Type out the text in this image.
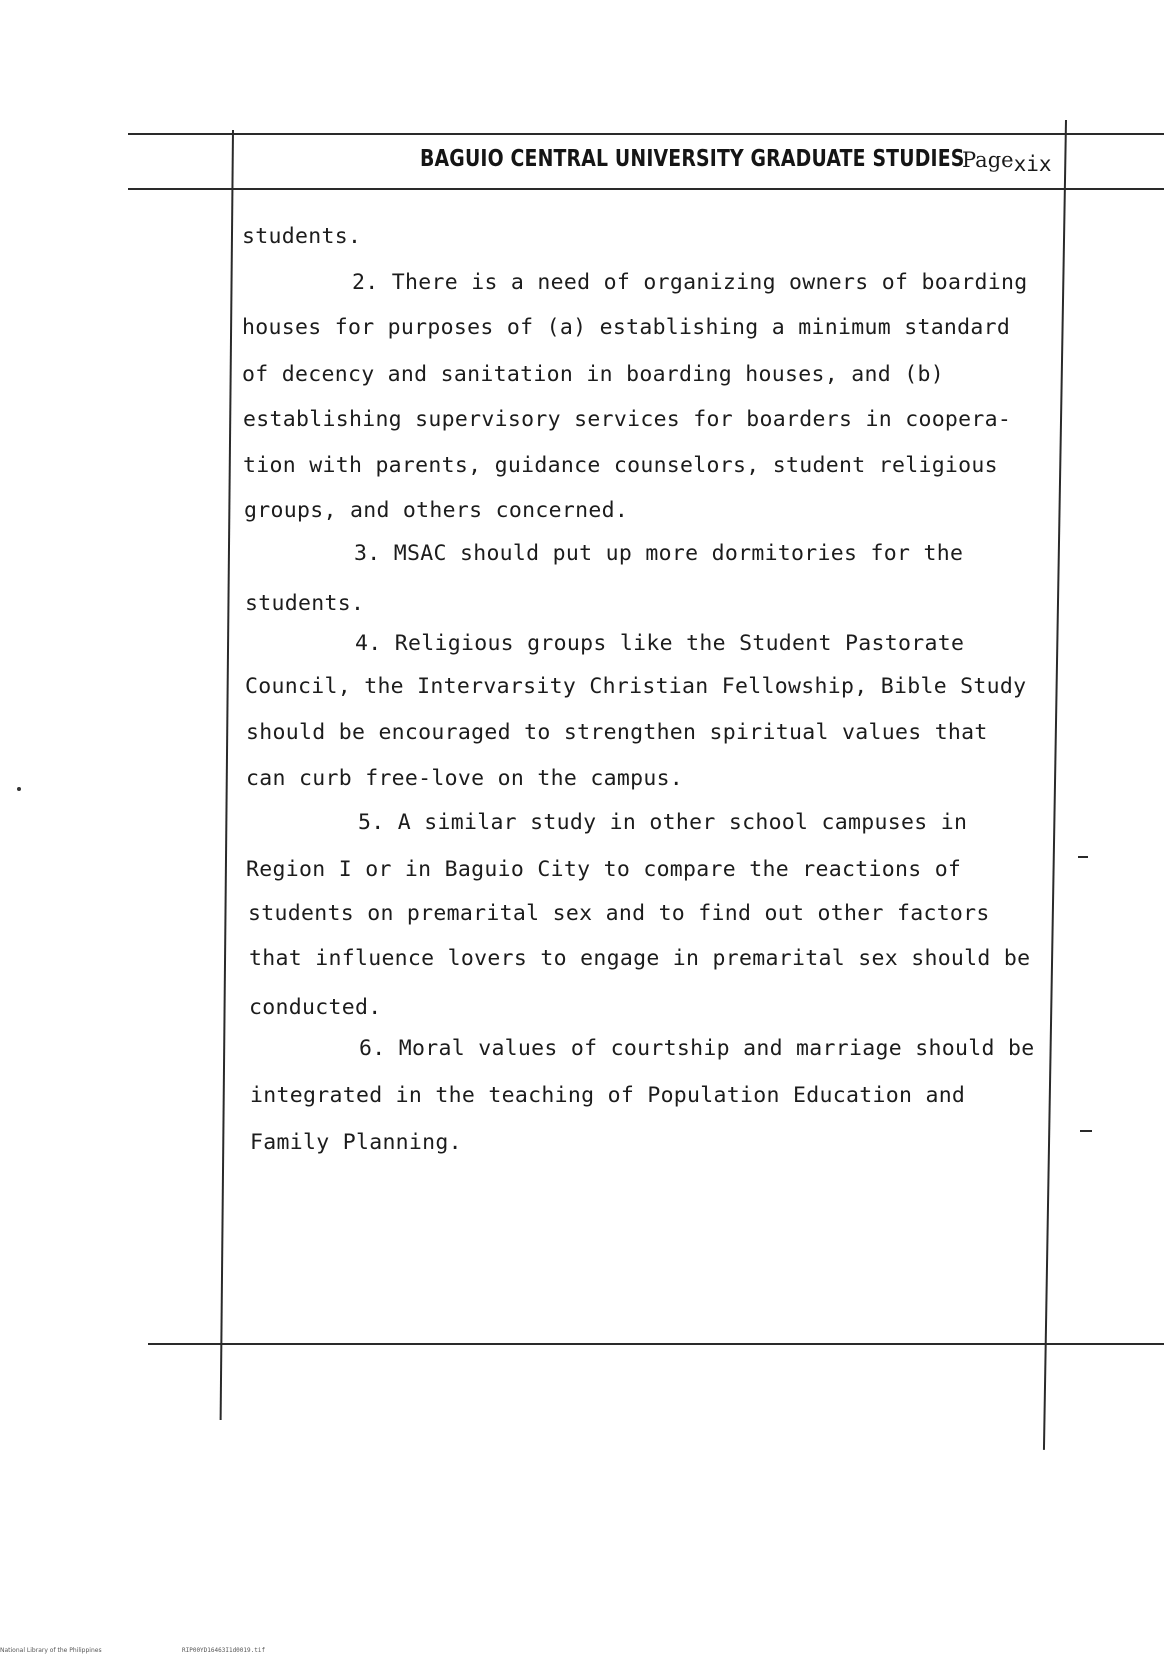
BAGUIO CENTRAL UNIVERSITY GRADUATE STUDIES
Pagexix
students.
2. There is a need of organizing owners of boarding
houses for purposes of (a) establishing a minimum standard
of decency and sanitation in boarding houses, and (b)
establishing supervisory services for boarders in coopera-
tion with parents, guidance counselors, student religious
groups, and others concerned.
3. MSAC should put up more dormitories for the
students.
4. Religious groups like the Student Pastorate
Council, the Intervarsity Christian Fellowship, Bible Study
should be encouraged to strengthen spiritual values that
can curb free-love on the campus.
5. A similar study in other school campuses in
Region I or in Baguio City to compare the reactions of
students on premarital sex and to find out other factors
that influence lovers to engage in premarital sex should be
conducted.
6. Moral values of courtship and marriage should be
integrated in the teaching of Population Education and
Family Planning.
National Library of the Philippines	RIP00YD16463I1d0019.tif
